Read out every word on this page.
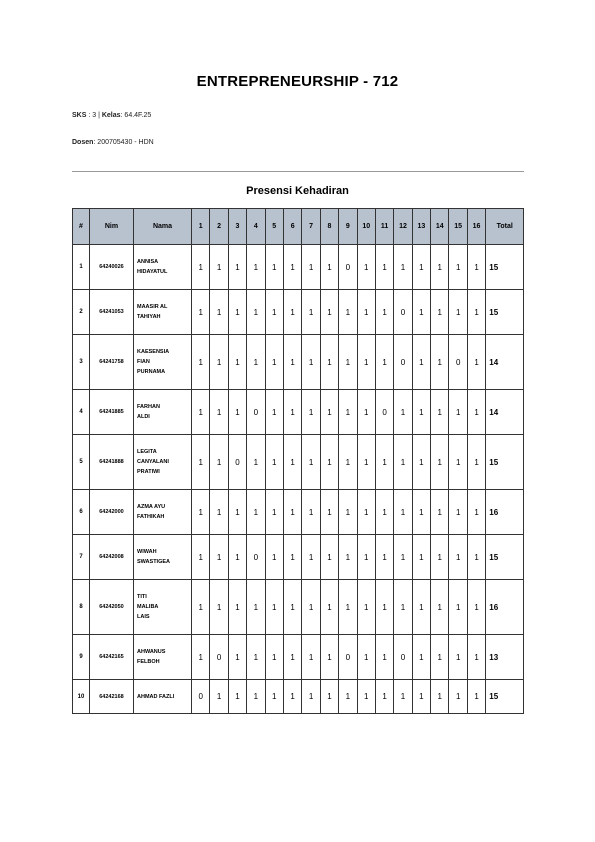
ENTREPRENEURSHIP - 712
SKS : 3 | Kelas: 64.4F.25
Dosen: 200705430 - HDN
Presensi Kehadiran
#	Nim	Nama	1	2	3	4	5	6	7	8	9	10	11	12	13	14	15	16	Total
1	64240026	ANNISA
HIDAYATUL	1	1	1	1	1	1	1	1	0	1	1	1	1	1	1	1	15
2	64241053	MAASIR AL
TAHIYAH	1	1	1	1	1	1	1	1	1	1	1	0	1	1	1	1	15
3	64241758	KAESENSIA
FIAN
PURNAMA	1	1	1	1	1	1	1	1	1	1	1	0	1	1	0	1	14
4	64241885	FARHAN
ALDI	1	1	1	0	1	1	1	1	1	1	0	1	1	1	1	1	14
5	64241888	LEGITA
CANYALANI
PRATIWI	1	1	0	1	1	1	1	1	1	1	1	1	1	1	1	1	15
6	64242000	AZMA AYU
FATHIKAH	1	1	1	1	1	1	1	1	1	1	1	1	1	1	1	1	16
7	64242008	WIWAH
SWASTIGEA	1	1	1	0	1	1	1	1	1	1	1	1	1	1	1	1	15
8	64242050	TITI
MALIBA
LAIS	1	1	1	1	1	1	1	1	1	1	1	1	1	1	1	1	16
9	64242165	AHWANUS
FELBOH	1	0	1	1	1	1	1	1	0	1	1	0	1	1	1	1	13
10	64242168	AHMAD FAZLI	0	1	1	1	1	1	1	1	1	1	1	1	1	1	1	1	15
